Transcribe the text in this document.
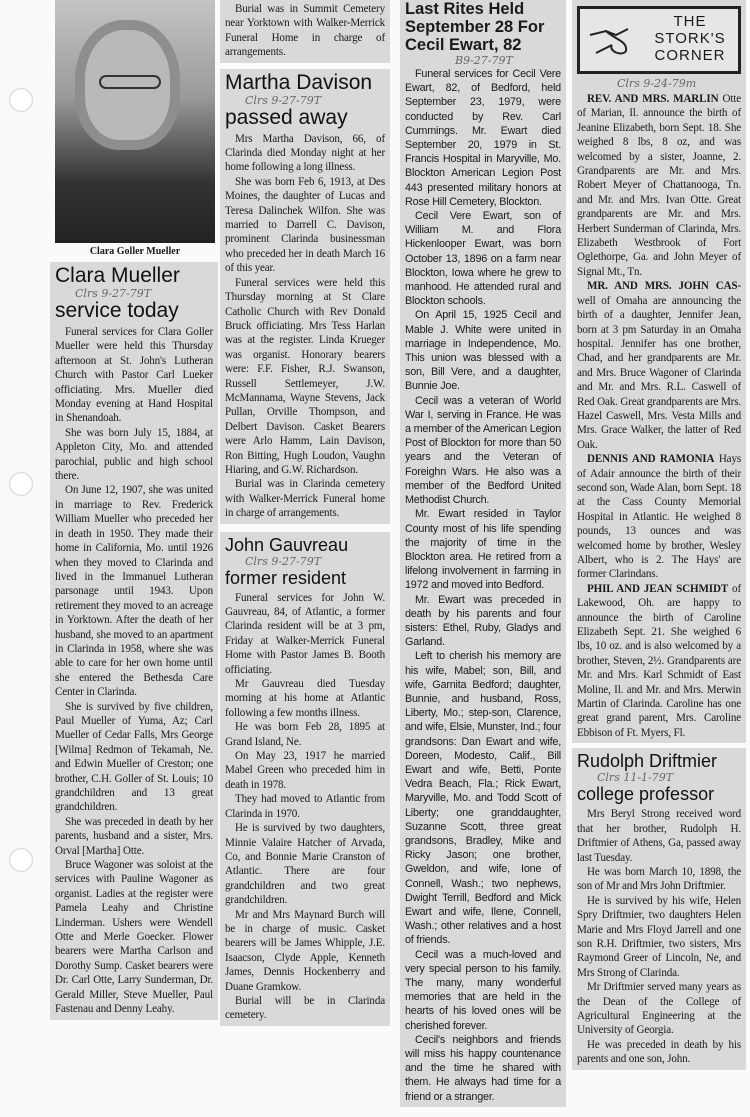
Clara Goller Mueller
Clara Mueller
Clrs 9-27-79T
service today

Funeral services for Clara Goller Mueller were held this Thursday afternoon at St. John's Lutheran Church with Pastor Carl Lueker officiating. Mrs. Mueller died Monday evening at Hand Hospital in Shenandoah.

She was born July 15, 1884, at Appleton City, Mo. and attended parochial, public and high school there.

On June 12, 1907, she was united in marriage to Rev. Frederick William Mueller who preceded her in death in 1950. They made their home in California, Mo. until 1926 when they moved to Clarinda and lived in the Immanuel Lutheran parsonage until 1943. Upon retirement they moved to an acreage in Yorktown. After the death of her husband, she moved to an apartment in Clarinda in 1958, where she was able to care for her own home until she entered the Bethesda Care Center in Clarinda.

She is survived by five children, Paul Mueller of Yuma, Az; Carl Mueller of Cedar Falls, Mrs George [Wilma] Redmon of Tekamah, Ne. and Edwin Mueller of Creston; one brother, C.H. Goller of St. Louis; 10 grandchildren and 13 great grandchildren.

She was preceded in death by her parents, husband and a sister, Mrs. Orval [Martha] Otte.

Bruce Wagoner was soloist at the services with Pauline Wagoner as organist. Ladies at the register were Pamela Leahy and Christine Linderman. Ushers were Wendell Otte and Merle Goecker. Flower bearers were Martha Carlson and Dorothy Sump. Casket bearers were Dr. Carl Otte, Larry Sunderman, Dr. Gerald Miller, Steve Mueller, Paul Fastenau and Denny Leahy.

Burial was in Summit Cemetery near Yorktown with Walker-Merrick Funeral Home in charge of arrangements.

Martha Davison
Clrs 9-27-79T
passed away

Mrs Martha Davison, 66, of Clarinda died Monday night at her home following a long illness.

She was born Feb 6, 1913, at Des Moines, the daughter of Lucas and Teresa Dalinchek Wilfon. She was married to Darrell C. Davison, prominent Clarinda businessman who preceded her in death March 16 of this year.

Funeral services were held this Thursday morning at St Clare Catholic Church with Rev Donald Bruck officiating. Mrs Tess Harlan was at the register. Linda Krueger was organist. Honorary bearers were: F.F. Fisher, R.J. Swanson, Russell Settlemeyer, J.W. McMannama, Wayne Stevens, Jack Pullan, Orville Thompson, and Delbert Davison. Casket Bearers were Arlo Hamm, Lain Davison, Ron Bitting, Hugh Loudon, Vaughn Hiaring, and G.W. Richardson.

Burial was in Clarinda cemetery with Walker-Merrick Funeral home in charge of arrangements.

John Gauvreau
Clrs 9-27-79T
former resident

Funeral services for John W. Gauvreau, 84, of Atlantic, a former Clarinda resident will be at 3 pm, Friday at Walker-Merrick Funeral Home with Pastor James B. Booth officiating.

Mr Gauvreau died Tuesday morning at his home at Atlantic following a few months illness.

He was born Feb 28, 1895 at Grand Island, Ne.

On May 23, 1917 he married Mabel Green who preceded him in death in 1978.

They had moved to Atlantic from Clarinda in 1970.

He is survived by two daughters, Minnie Valaire Hatcher of Arvada, Co, and Bonnie Marie Cranston of Atlantic. There are four grandchildren and two great grandchildren.

Mr and Mrs Maynard Burch will be in charge of music. Casket bearers will be James Whipple, J.E. Isaacson, Clyde Apple, Kenneth James, Dennis Hockenberry and Duane Gramkow.

Burial will be in Clarinda cemetery.

Last Rites Held September 28 For Cecil Ewart, 82
B9-27-79T

Funeral services for Cecil Vere Ewart, 82, of Bedford, held September 23, 1979, were conducted by Rev. Carl Cummings. Mr. Ewart died September 20, 1979 in St. Francis Hospital in Maryville, Mo. Blockton American Legion Post 443 presented military honors at Rose Hill Cemetery, Blockton.

Cecil Vere Ewart, son of William M. and Flora Hickenlooper Ewart, was born October 13, 1896 on a farm near Blockton, Iowa where he grew to manhood. He attended rural and Blockton schools.

On April 15, 1925 Cecil and Mable J. White were united in marriage in Independence, Mo. This union was blessed with a son, Bill Vere, and a daughter, Bunnie Joe.

Cecil was a veteran of World War I, serving in France. He was a member of the American Legion Post of Blockton for more than 50 years and the Veteran of Foreighn Wars. He also was a member of the Bedford United Methodist Church.

Mr. Ewart resided in Taylor County most of his life spending the majority of time in the Blockton area. He retired from a lifelong involvement in farming in 1972 and moved into Bedford.

Mr. Ewart was preceded in death by his parents and four sisters: Ethel, Ruby, Gladys and Garland.

Left to cherish his memory are his wife, Mabel; son, Bill, and wife, Garnita Bedford; daughter, Bunnie, and husband, Ross, Liberty, Mo.; step-son, Clarence, and wife, Elsie, Munster, Ind.; four grandsons: Dan Ewart and wife, Doreen, Modesto, Calif., Bill Ewart and wife, Betti, Ponte Vedra Beach, Fla.; Rick Ewart, Maryville, Mo. and Todd Scott of Liberty; one granddaughter, Suzanne Scott, three great grandsons, Bradley, Mike and Ricky Jason; one brother, Gweldon, and wife, Ione of Connell, Wash.; two nephews, Dwight Terrill, Bedford and Mick Ewart and wife, Ilene, Connell, Wash.; other relatives and a host of friends.

Cecil was a much-loved and very special person to his family. The many, many wonderful memories that are held in the hearts of his loved ones will be cherished forever.

Cecil's neighbors and friends will miss his happy countenance and the time he shared with them. He always had time for a friend or a stranger.

THE STORK'S CORNER
Clrs 9-24-79m

REV. AND MRS. MARLIN Otte of Marian, Il. announce the birth of Jeanine Elizabeth, born Sept. 18. She weighed 8 lbs, 8 oz, and was welcomed by a sister, Joanne, 2. Grandparents are Mr. and Mrs. Robert Meyer of Chattanooga, Tn. and Mr. and Mrs. Ivan Otte. Great grandparents are Mr. and Mrs. Herbert Sunderman of Clarinda, Mrs. Elizabeth Westbrook of Fort Oglethorpe, Ga. and John Meyer of Signal Mt., Tn.

MR. AND MRS. JOHN CAS- well of Omaha are announcing the birth of a daughter, Jennifer Jean, born at 3 pm Saturday in an Omaha hospital. Jennifer has one brother, Chad, and her grandparents are Mr. and Mrs. Bruce Wagoner of Clarinda and Mr. and Mrs. R.L. Caswell of Red Oak. Great grandparents are Mrs. Hazel Caswell, Mrs. Vesta Mills and Mrs. Grace Walker, the latter of Red Oak.

DENNIS AND RAMONIA Hays of Adair announce the birth of their second son, Wade Alan, born Sept. 18 at the Cass County Memorial Hospital in Atlantic. He weighed 8 pounds, 13 ounces and was welcomed home by brother, Wesley Albert, who is 2. The Hays' are former Clarindans.

PHIL AND JEAN SCHMIDT of Lakewood, Oh. are happy to announce the birth of Caroline Elizabeth Sept. 21. She weighed 6 lbs, 10 oz. and is also welcomed by a brother, Steven, 2½. Grandparents are Mr. and Mrs. Karl Schmidt of East Moline, Il. and Mr. and Mrs. Merwin Martin of Clarinda. Caroline has one great grand parent, Mrs. Caroline Ebbison of Ft. Myers, Fl.

Rudolph Driftmier
Clrs 11-1-79T
college professor

Mrs Beryl Strong received word that her brother, Rudolph H. Driftmier of Athens, Ga, passed away last Tuesday.

He was born March 10, 1898, the son of Mr and Mrs John Driftmier.

He is survived by his wife, Helen Spry Driftmier, two daughters Helen Marie and Mrs Floyd Jarrell and one son R.H. Driftmier, two sisters, Mrs Raymond Greer of Lincoln, Ne, and Mrs Strong of Clarinda.

Mr Driftmier served many years as the Dean of the College of Agricultural Engineering at the University of Georgia.

He was preceded in death by his parents and one son, John.
